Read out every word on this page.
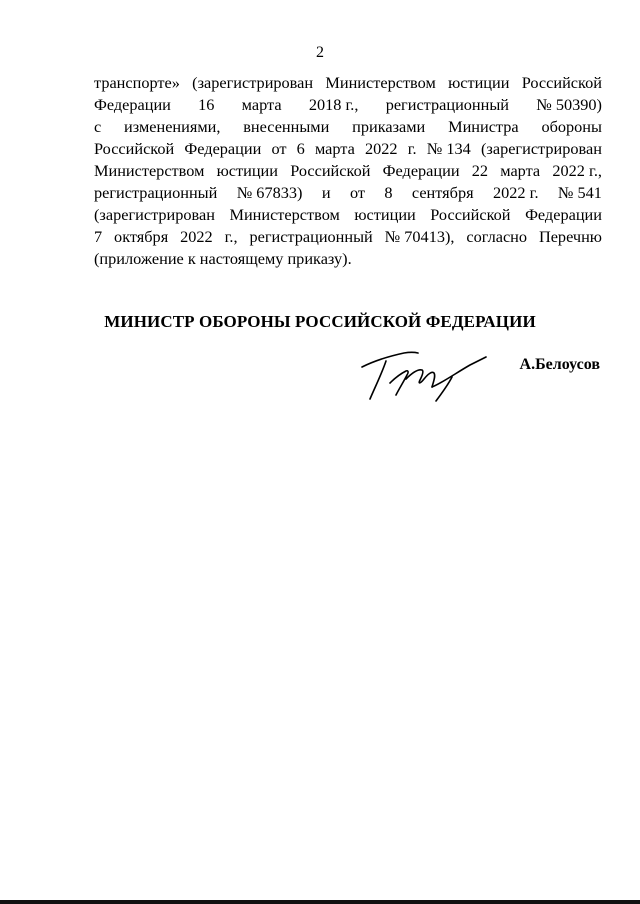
2
транспорте» (зарегистрирован Министерством юстиции Российской
Федерации 16 марта 2018 г., регистрационный № 50390)
с изменениями, внесенными приказами Министра обороны
Российской Федерации от 6 марта 2022 г. № 134 (зарегистрирован
Министерством юстиции Российской Федерации 22 марта 2022 г.,
регистрационный № 67833) и от 8 сентября 2022 г. № 541
(зарегистрирован Министерством юстиции Российской Федерации
7 октября 2022 г., регистрационный № 70413), согласно Перечню
(приложение к настоящему приказу).
МИНИСТР ОБОРОНЫ РОССИЙСКОЙ ФЕДЕРАЦИИ
А.Белоусов
